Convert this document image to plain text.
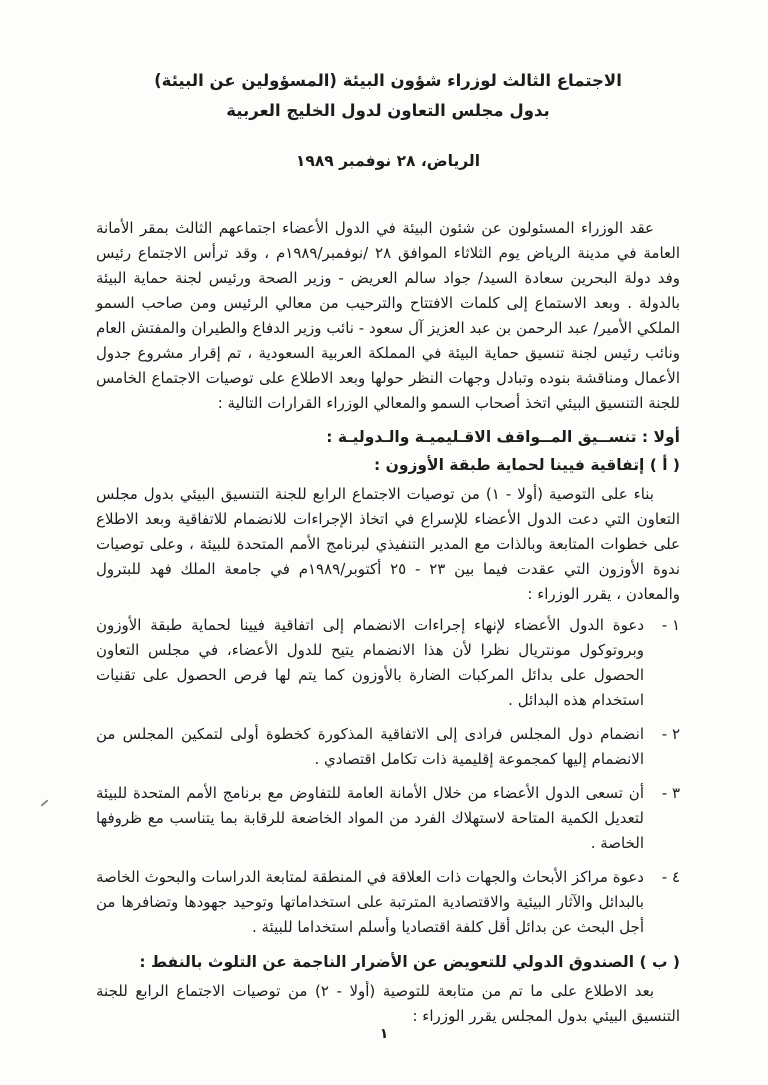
الاجتماع الثالث لوزراء شؤون البيئة (المسؤولين عن البيئة)
بدول مجلس التعاون لدول الخليج العربية
الرياض، ٢٨ نوفمبر ١٩٨٩

عقد الوزراء المسئولون عن شئون البيئة في الدول الأعضاء اجتماعهم الثالث بمقر الأمانة العامة في مدينة الرياض يوم الثلاثاء الموافق ٢٨ /نوفمبر/١٩٨٩م ، وقد ترأس الاجتماع رئيس وفد دولة البحرين سعادة السيد/ جواد سالم العريض - وزير الصحة ورئيس لجنة حماية البيئة بالدولة . وبعد الاستماع إلى كلمات الافتتاح والترحيب من معالي الرئيس ومن صاحب السمو الملكي الأمير/ عبد الرحمن بن عبد العزيز آل سعود - نائب وزير الدفاع والطيران والمفتش العام ونائب رئيس لجنة تنسيق حماية البيئة في المملكة العربية السعودية ، تم إقرار مشروع جدول الأعمال ومناقشة بنوده وتبادل وجهات النظر حولها وبعد الاطلاع على توصيات الاجتماع الخامس للجنة التنسيق البيئي اتخذ أصحاب السمو والمعالي الوزراء القرارات التالية :

أولا : تنســيق المــواقف الاقـليميـة والـدوليـة :
( أ ) إتفاقية فيينا لحماية طبقة الأوزون :

بناء على التوصية (أولا - ١) من توصيات الاجتماع الرابع للجنة التنسيق البيئي بدول مجلس التعاون التي دعت الدول الأعضاء للإسراع في اتخاذ الإجراءات للانضمام للاتفاقية وبعد الاطلاع على خطوات المتابعة وبالذات مع المدير التنفيذي لبرنامج الأمم المتحدة للبيئة ، وعلى توصيات ندوة الأوزون التي عقدت فيما بين ٢٣ - ٢٥ أكتوبر/١٩٨٩م في جامعة الملك فهد للبترول والمعادن ، يقرر الوزراء :

١ -
دعوة الدول الأعضاء لإنهاء إجراءات الانضمام إلى اتفاقية فيينا لحماية طبقة الأوزون وبروتوكول مونتريال نظرا لأن هذا الانضمام يتيح للدول الأعضاء، في مجلس التعاون الحصول على بدائل المركبات الضارة بالأوزون كما يتم لها فرص الحصول على تقنيات استخدام هذه البدائل .
٢ -
انضمام دول المجلس فرادى إلى الاتفاقية المذكورة كخطوة أولى لتمكين المجلس من الانضمام إليها كمجموعة إقليمية ذات تكامل اقتصادي .
٣ -
أن تسعى الدول الأعضاء من خلال الأمانة العامة للتفاوض مع برنامج الأمم المتحدة للبيئة لتعديل الكمية المتاحة لاستهلاك الفرد من المواد الخاضعة للرقابة بما يتناسب مع ظروفها الخاصة .
٤ -
دعوة مراكز الأبحاث والجهات ذات العلاقة في المنطقة لمتابعة الدراسات والبحوث الخاصة بالبدائل والآثار البيئية والاقتصادية المترتبة على استخداماتها وتوحيد جهودها وتضافرها من أجل البحث عن بدائل أقل كلفة اقتصاديا وأسلم استخداما للبيئة .
( ب ) الصندوق الدولي للتعويض عن الأضرار الناجمة عن التلوث بالنفط :

بعد الاطلاع على ما تم من متابعة للتوصية (أولا - ٢) من توصيات الاجتماع الرابع للجنة التنسيق البيئي بدول المجلس يقرر الوزراء :

١
